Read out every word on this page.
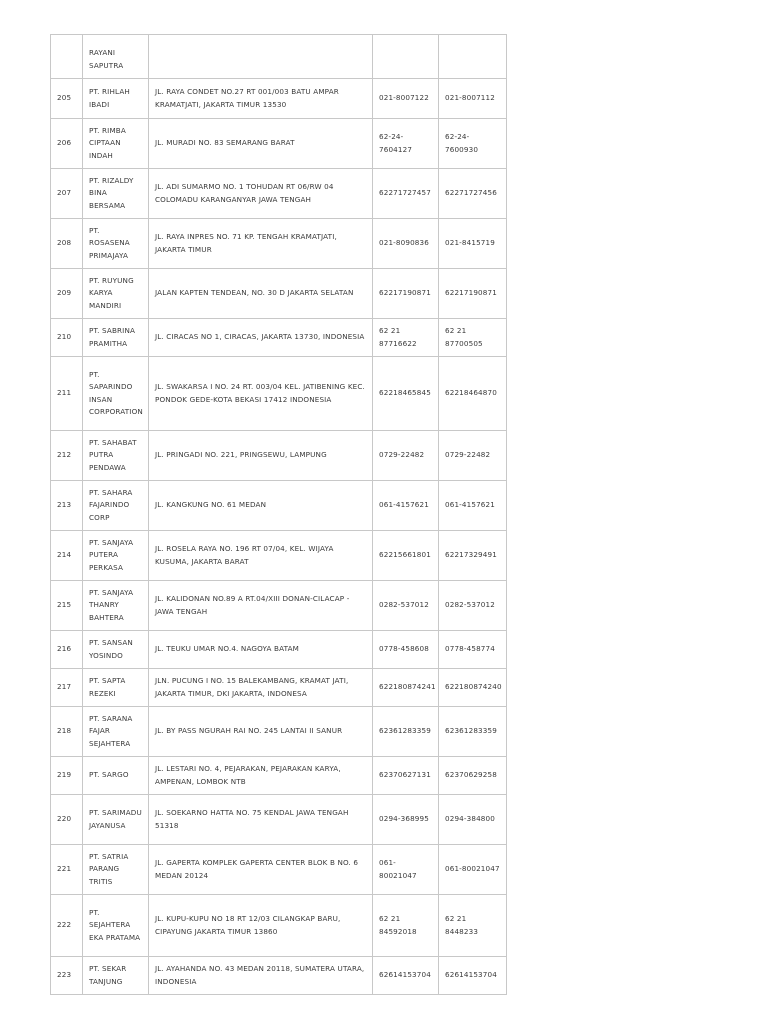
	RAYANI SAPUTRA			
205	PT. RIHLAH IBADI	JL. RAYA CONDET NO.27 RT 001/003 BATU AMPAR KRAMATJATI, JAKARTA TIMUR 13530	021-8007122	021-8007112
206	PT. RIMBA CIPTAAN INDAH	JL. MURADI NO. 83 SEMARANG BARAT	62-24-7604127	62-24-7600930
207	PT. RIZALDY BINA BERSAMA	JL. ADI SUMARMO NO. 1 TOHUDAN RT 06/RW 04 COLOMADU KARANGANYAR JAWA TENGAH	62271727457	62271727456
208	PT. ROSASENA PRIMAJAYA	JL. RAYA INPRES NO. 71 KP. TENGAH KRAMATJATI, JAKARTA TIMUR	021-8090836	021-8415719
209	PT. RUYUNG KARYA MANDIRI	JALAN KAPTEN TENDEAN, NO. 30 D JAKARTA SELATAN	62217190871	62217190871
210	PT. SABRINA PRAMITHA	JL. CIRACAS NO 1, CIRACAS, JAKARTA 13730, INDONESIA	62 21 87716622	62 21 87700505
211	PT. SAPARINDO INSAN CORPORATION	JL. SWAKARSA I NO. 24 RT. 003/04 KEL. JATIBENING KEC. PONDOK GEDE-KOTA BEKASI 17412 INDONESIA	62218465845	62218464870
212	PT. SAHABAT PUTRA PENDAWA	JL. PRINGADI NO. 221, PRINGSEWU, LAMPUNG	0729-22482	0729-22482
213	PT. SAHARA FAJARINDO CORP	JL. KANGKUNG NO. 61 MEDAN	061-4157621	061-4157621
214	PT. SANJAYA PUTERA PERKASA	JL. ROSELA RAYA NO. 196 RT 07/04, KEL. WIJAYA KUSUMA, JAKARTA BARAT	62215661801	62217329491
215	PT. SANJAYA THANRY BAHTERA	JL. KALIDONAN NO.89 A RT.04/XIII DONAN-CILACAP - JAWA TENGAH	0282-537012	0282-537012
216	PT. SANSAN YOSINDO	JL. TEUKU UMAR NO.4. NAGOYA BATAM	0778-458608	0778-458774
217	PT. SAPTA REZEKI	JLN. PUCUNG I NO. 15 BALEKAMBANG, KRAMAT JATI, JAKARTA TIMUR, DKI JAKARTA, INDONESA	622180874241	622180874240
218	PT. SARANA FAJAR SEJAHTERA	JL. BY PASS NGURAH RAI NO. 245 LANTAI II SANUR	62361283359	62361283359
219	PT. SARGO	JL. LESTARI NO. 4, PEJARAKAN, PEJARAKAN KARYA, AMPENAN, LOMBOK NTB	62370627131	62370629258
220	PT. SARIMADU JAYANUSA	JL. SOEKARNO HATTA NO. 75 KENDAL JAWA TENGAH 51318	0294-368995	0294-384800
221	PT. SATRIA PARANG TRITIS	JL. GAPERTA KOMPLEK GAPERTA CENTER BLOK B NO. 6 MEDAN 20124	061-80021047	061-80021047
222	PT. SEJAHTERA EKA PRATAMA	JL. KUPU-KUPU NO 18 RT 12/03 CILANGKAP BARU, CIPAYUNG JAKARTA TIMUR 13860	62 21 84592018	62 21 8448233
223	PT. SEKAR TANJUNG	JL. AYAHANDA NO. 43 MEDAN 20118, SUMATERA UTARA, INDONESIA	62614153704	62614153704
